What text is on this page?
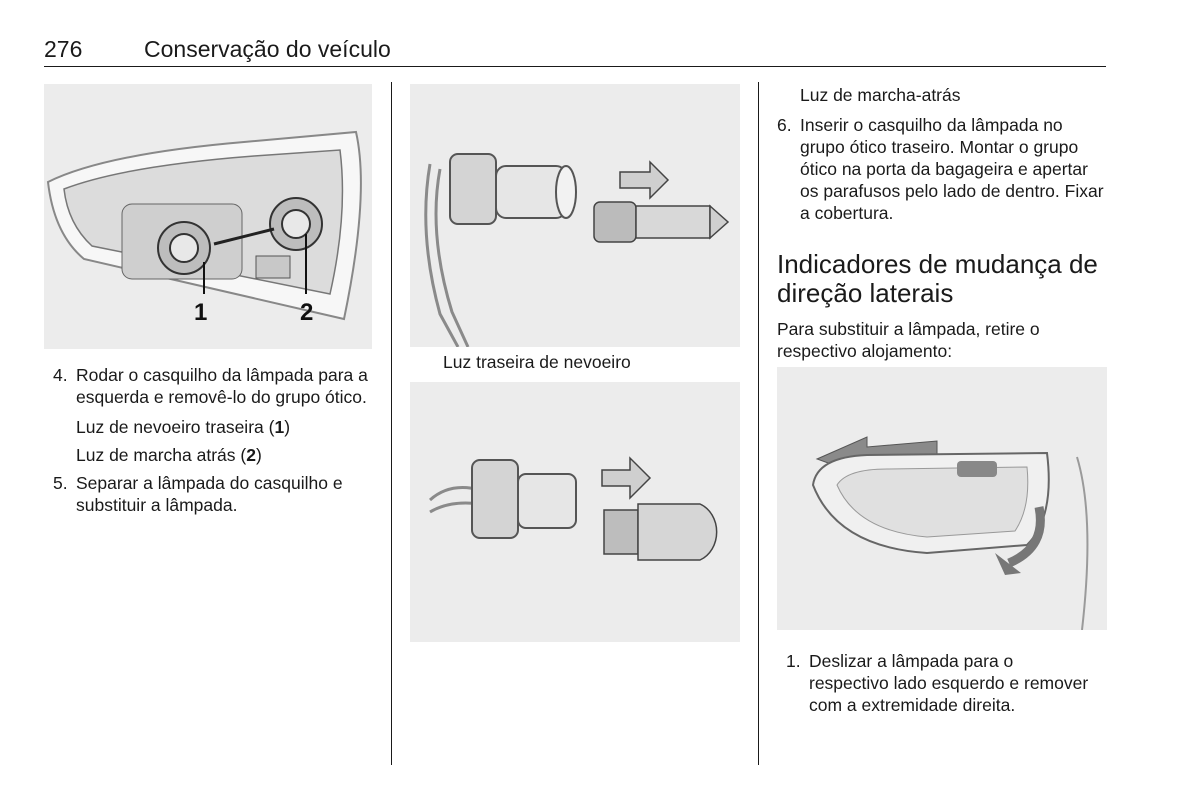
276	Conservação do veículo
1	2
4. Rodar o casquilho da lâmpada para a esquerda e removê-lo do grupo ótico.
Luz de nevoeiro traseira (1)
Luz de marcha atrás (2)
5. Separar a lâmpada do casquilho e substituir a lâmpada.
Luz traseira de nevoeiro
Luz de marcha-atrás
6. Inserir o casquilho da lâmpada no grupo ótico traseiro. Montar o grupo ótico na porta da bagageira e apertar os parafusos pelo lado de dentro. Fixar a cobertura.
Indicadores de mudança de direção laterais
Para substituir a lâmpada, retire o respectivo alojamento:
1. Deslizar a lâmpada para o respectivo lado esquerdo e remover com a extremidade direita.
